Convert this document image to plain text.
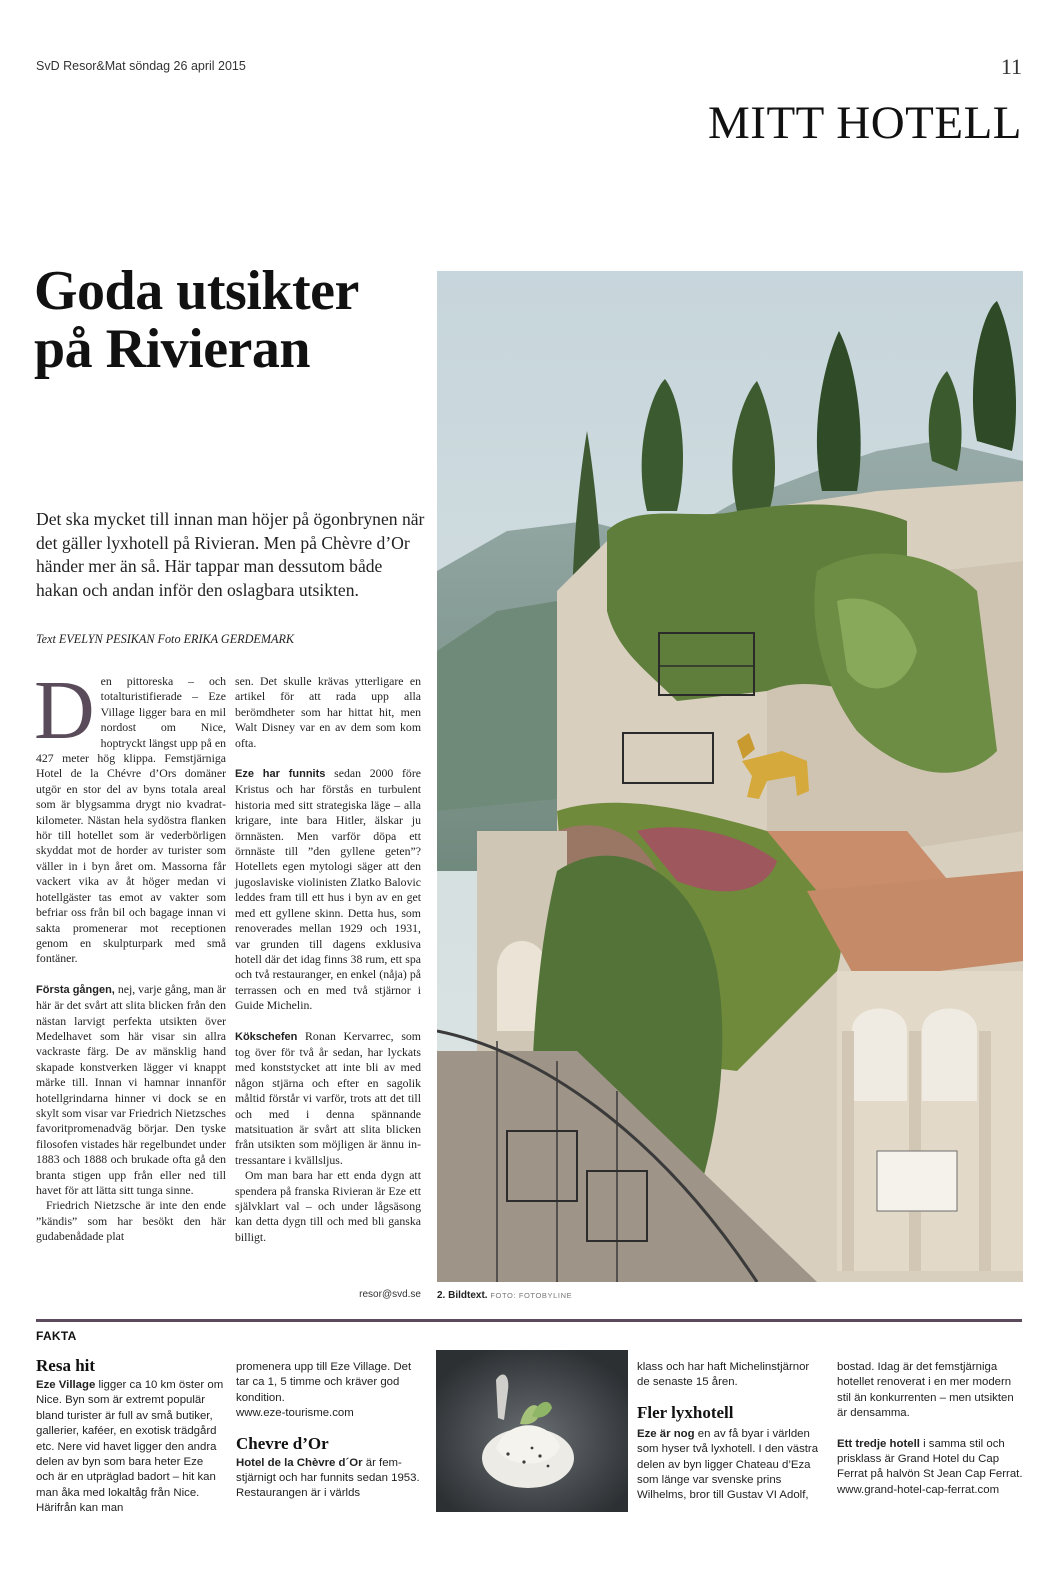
SvD Resor&Mat söndag 26 april 2015	11
MITT HOTELL
Goda utsikter
på Rivieran
Det ska mycket till innan man höjer på ögonbrynen när det gäller lyxhotell på Rivieran. Men på Chèvre d’Or händer mer än så. Här tappar man dessutom både hakan och andan inför den oslagbara utsikten.
Text EVELYN PESIKAN Foto ERIKA GERDEMARK

Den pittoreska – och totalturistifierade – Eze Village ligger bara en mil nordost om Nice, hoptryckt längst upp på en 427 meter hög klippa. Femstjärniga Hotel de la Chévre d’Ors domäner utgör en stor del av byns totala areal som är blygsamma drygt nio kvadratkilometer. Nästan hela sydöstra flanken hör till hotellet som är vederbörligen skyddat mot de horder av turister som väller in i byn året om. Massorna får vackert vika av åt höger medan vi hotellgäster tas emot av vakter som befriar oss från bil och bagage innan vi sakta promenerar mot receptionen genom en skulpturpark med små fontäner.

Första gången, nej, varje gång, man är här är det svårt att slita blicken från den nästan larvigt perfekta utsikten över Medelhavet som här visar sin allra vackraste färg. De av mänsklig hand skapade konstverken lägger vi knappt märke till. Innan vi hamnar innanför hotellgrindarna hinner vi dock se en skylt som visar var Friedrich Nietzsches favoritpromenadväg börjar. Den tyske filosofen vistades här regelbundet under 1883 och 1888 och brukade ofta gå den branta stigen upp från eller ned till havet för att lätta sitt tunga sinne.

Friedrich Nietzsche är inte den ende ”kändis” som har besökt den här gudabenådade plat

sen. Det skulle krävas ytterligare en artikel för att rada upp alla berömdheter som har hittat hit, men Walt Disney var en av dem som kom ofta.

Eze har funnits sedan 2000 före Kristus och har förstås en turbulent historia med sitt strategiska läge – alla krigare, inte bara Hitler, älskar ju örnnästen. Men varför döpa ett örnnäste till ”den gyllene geten”? Hotellets egen mytologi säger att den jugoslaviske violinisten Zlatko Balovic leddes fram till ett hus i byn av en get med ett gyllene skinn. Detta hus, som renoverades mellan 1929 och 1931, var grunden till dagens exklusiva hotell där det idag finns 38 rum, ett spa och två restauranger, en enkel (nåja) på terrassen och en med två stjärnor i Guide Michelin.

Kökschefen Ronan Kervarrec, som tog över för två år sedan, har lyckats med konststycket att inte bli av med någon stjärna och efter en sagolik måltid förstår vi varför, trots att det till och med i denna spännande matsituation är svårt att slita blicken från utsikten som möjligen är ännu intressantare i kvällsljus.

Om man bara har ett enda dygn att spendera på franska Rivieran är Eze ett självklart val – och under lågsäsong kan detta dygn till och med bli ganska billigt.

resor@svd.se 2. Bildtext. FOTO: FOTOBYLINE
FAKTA
Resa hit

Eze Village ligger ca 10 km öster om Nice. Byn som är extremt populär bland turister är full av små butiker, gallerier, kaféer, en exotisk trädgård etc. Nere vid havet ligger den andra delen av byn som bara heter Eze och är en utpräglad badort – hit kan man åka med lokaltåg från Nice. Härifrån kan man

promenera upp till Eze Village. Det tar ca 1, 5 timme och kräver god kondition.

www.eze-tourisme.com

Chevre d’Or

Hotel de la Chèvre d´Or är femstjärnigt och har funnits sedan 1953. Restaurangen är i världs

klass och har haft Michelinstjärnor de senaste 15 åren.

Fler lyxhotell

Eze är nog en av få byar i världen som hyser två lyxhotell. I den västra delen av byn ligger Chateau d’Eza som länge var svenske prins Wilhelms, bror till Gustav VI Adolf,

bostad. Idag är det femstjärniga hotellet renoverat i en mer modern stil än konkurrenten – men utsikten är densamma.

Ett tredje hotell i samma stil och prisklass är Grand Hotel du Cap Ferrat på halvön St Jean Cap Ferrat.

www.grand-hotel-cap-ferrat.com
